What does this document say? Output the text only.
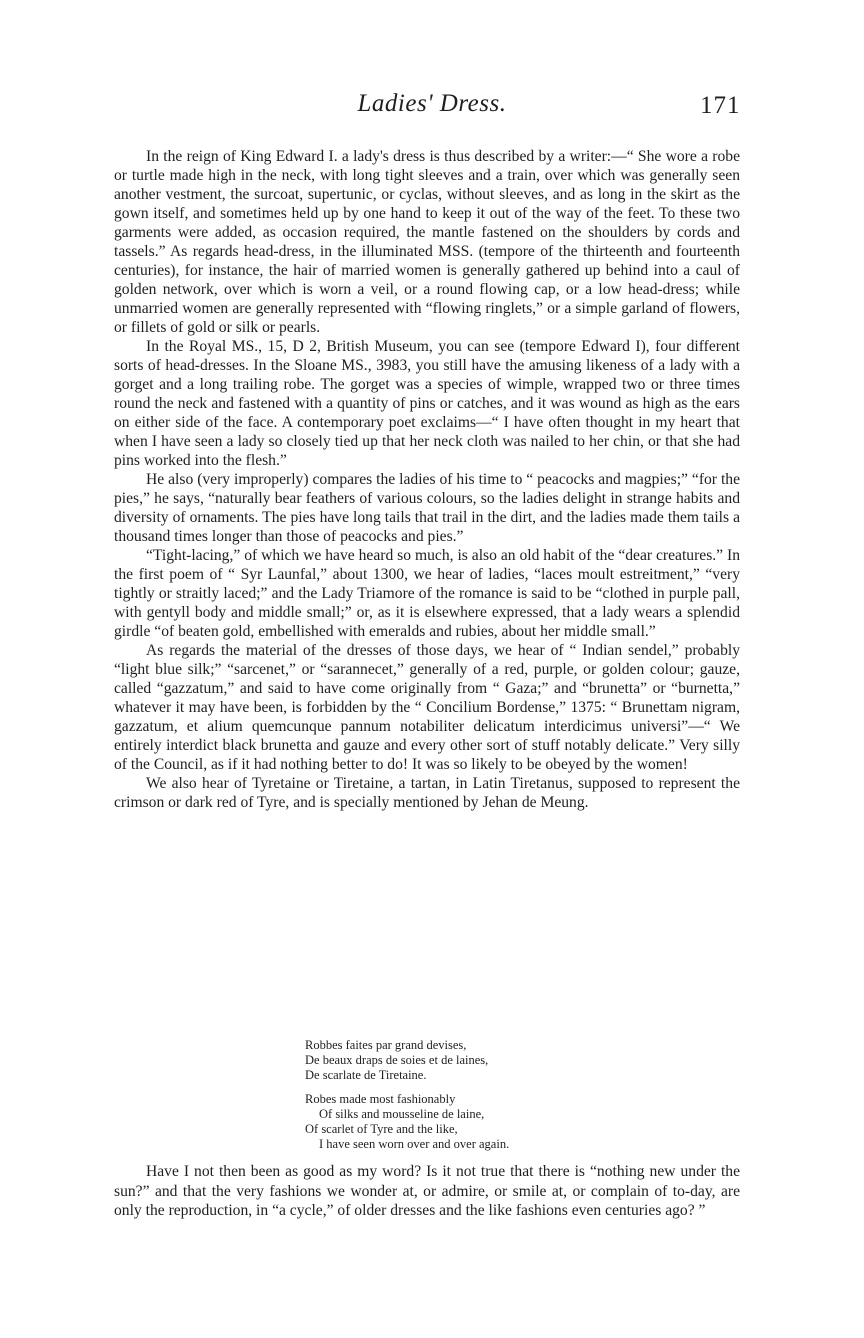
Ladies' Dress.	171

In the reign of King Edward I. a lady's dress is thus described by a writer:—“ She wore a robe or turtle made high in the neck, with long tight sleeves and a train, over which was generally seen another vestment, the surcoat, supertunic, or cyclas, without sleeves, and as long in the skirt as the gown itself, and sometimes held up by one hand to keep it out of the way of the feet. To these two garments were added, as occasion required, the mantle fastened on the shoulders by cords and tassels.” As regards head-dress, in the illuminated MSS. (tempore of the thirteenth and fourteenth centuries), for instance, the hair of married women is generally gathered up behind into a caul of golden network, over which is worn a veil, or a round flowing cap, or a low head-dress; while unmarried women are generally represented with “flowing ringlets,” or a simple garland of flowers, or fillets of gold or silk or pearls.

In the Royal MS., 15, D 2, British Museum, you can see (tempore Edward I), four different sorts of head-dresses. In the Sloane MS., 3983, you still have the amusing likeness of a lady with a gorget and a long trailing robe. The gorget was a species of wimple, wrapped two or three times round the neck and fastened with a quantity of pins or catches, and it was wound as high as the ears on either side of the face. A contemporary poet exclaims—“ I have often thought in my heart that when I have seen a lady so closely tied up that her neck cloth was nailed to her chin, or that she had pins worked into the flesh.”

He also (very improperly) compares the ladies of his time to “ peacocks and magpies;” “for the pies,” he says, “naturally bear feathers of various colours, so the ladies delight in strange habits and diversity of ornaments. The pies have long tails that trail in the dirt, and the ladies made them tails a thousand times longer than those of peacocks and pies.”

“Tight-lacing,” of which we have heard so much, is also an old habit of the “dear creatures.” In the first poem of “ Syr Launfal,” about 1300, we hear of ladies, “laces moult estreitment,” “very tightly or straitly laced;” and the Lady Triamore of the romance is said to be “clothed in purple pall, with gentyll body and middle small;” or, as it is elsewhere expressed, that a lady wears a splendid girdle “of beaten gold, embellished with emeralds and rubies, about her middle small.”

As regards the material of the dresses of those days, we hear of “ Indian sendel,” probably “light blue silk;” “sarcenet,” or “sarannecet,” generally of a red, purple, or golden colour; gauze, called “gazzatum,” and said to have come originally from “ Gaza;” and “brunetta” or “burnetta,” whatever it may have been, is forbidden by the “ Concilium Bordense,” 1375: “ Brunettam nigram, gazzatum, et alium quemcunque pannum notabiliter delicatum interdicimus universi”—“ We entirely interdict black brunetta and gauze and every other sort of stuff notably delicate.” Very silly of the Council, as if it had nothing better to do! It was so likely to be obeyed by the women!

We also hear of Tyretaine or Tiretaine, a tartan, in Latin Tiretanus, supposed to represent the crimson or dark red of Tyre, and is specially mentioned by Jehan de Meung.

Robbes faites par grand devises,
De beaux draps de soies et de laines,
De scarlate de Tiretaine.
Robes made most fashionably
Of silks and mousseline de laine,
Of scarlet of Tyre and the like,
I have seen worn over and over again.

Have I not then been as good as my word? Is it not true that there is “nothing new under the sun?” and that the very fashions we wonder at, or admire, or smile at, or complain of to-day, are only the reproduction, in “a cycle,” of older dresses and the like fashions even centuries ago? ”
